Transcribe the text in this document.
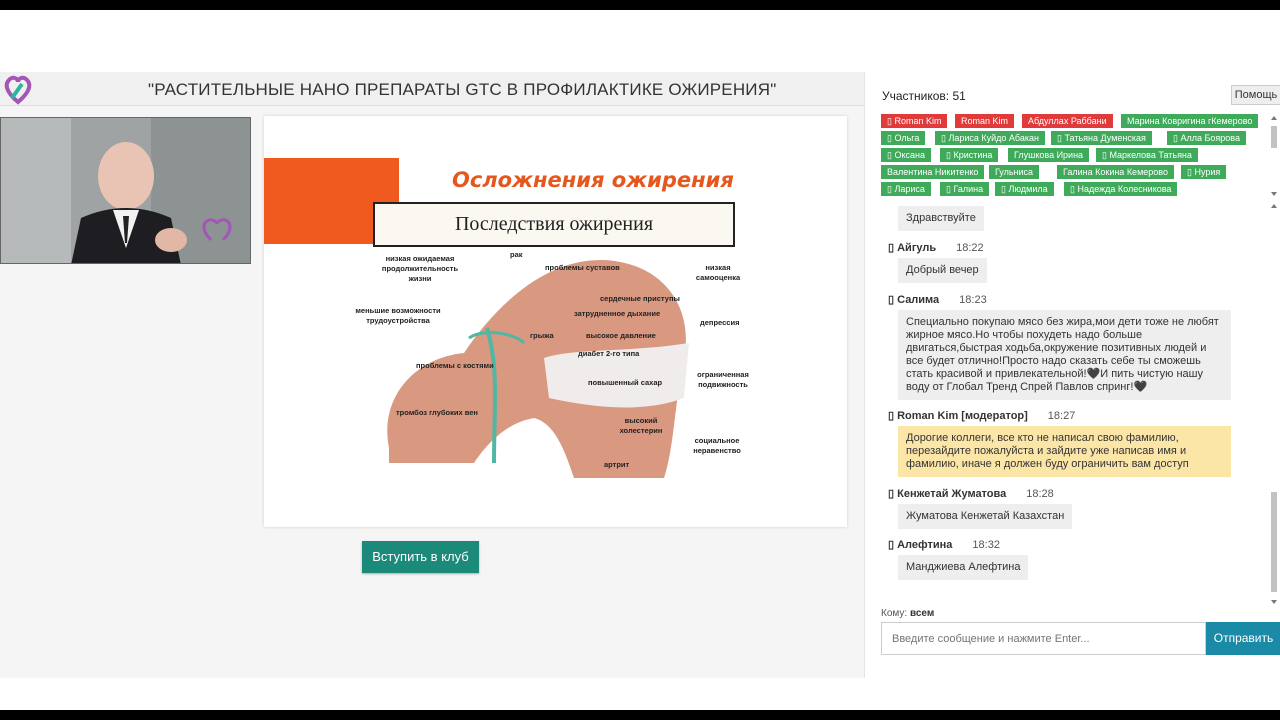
"РАСТИТЕЛЬНЫЕ НАНО ПРЕПАРАТЫ GTC В ПРОФИЛАКТИКЕ ОЖИРЕНИЯ"
Осложнения ожирения
Последствия ожирения
рак
проблемы суставов	низкая самооценка
сердечные приступы
затрудненное дыхание
низкая ожидаемая продолжительность жизни
меньшие возможности трудоустройства
грыжа	высокое давление
депрессия
диабет 2-го типа
проблемы с костями
повышенный сахар
ограниченная подвижность
тромбоз глубоких вен
высокий холестерин
социальное неравенство
артрит
Вступить в клуб
Участников: 51	Помощь
▯ Roman Kim	Roman Kim	Абдуллах Раббани	Марина Ковригина гКемерово
▯ Ольга	▯ Лариса Куйдо Абакан	▯ Татьяна Думенская	▯ Алла Боярова
▯ Оксана	▯ Кристина	Глушкова Ирина	▯ Маркелова Татьяна
Валентина Никитенко	Гульниса	Галина Кокина Кемерово	▯ Нурия
▯ Лариса	▯ Галина	▯ Людмила	▯ Надежда Колесникова
Здравствуйте
▯ Айгуль 18:22
Добрый вечер
▯ Салима 18:23
Специально покупаю мясо без жира,мои дети тоже не любят жирное мясо.Но чтобы похудеть надо больше двигаться,быстрая ходьба,окружение позитивных людей и все будет отлично!Просто надо сказать себе ты сможешь стать красивой и привлекательной!🖤И пить чистую нашу воду от Глобал Тренд Спрей Павлов спринг!🖤
▯ Roman Kim [модератор] 18:27
Дорогие коллеги, все кто не написал свою фамилию, перезайдите пожалуйста и зайдите уже написав имя и фамилию, иначе я должен буду ограничить вам доступ
▯ Кенжетай Жуматова 18:28
Жуматова Кенжетай Казахстан
▯ Алефтина 18:32
Манджиева Алефтина
Кому: всем
Введите сообщение и нажмите Enter...
Отправить
